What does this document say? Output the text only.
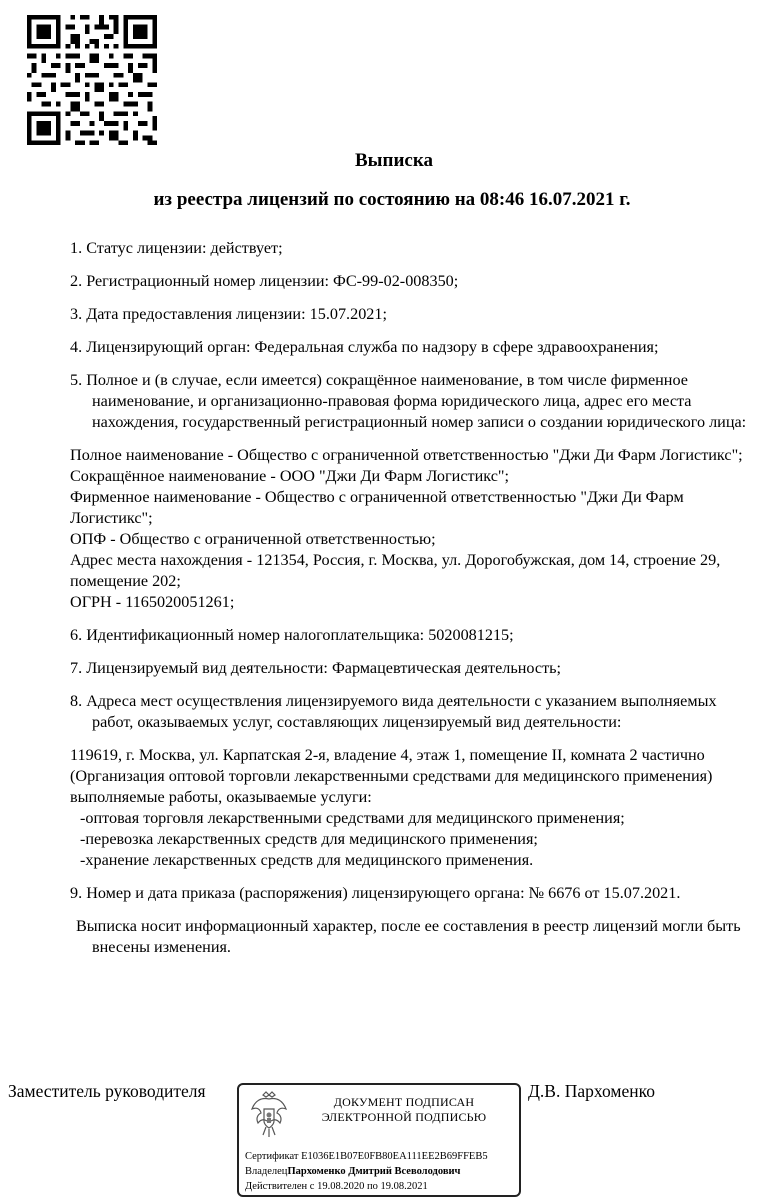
Выписка
из реестра лицензий по состоянию на 08:46 16.07.2021 г.
1. Статус лицензии: действует;
2. Регистрационный номер лицензии: ФС-99-02-008350;
3. Дата предоставления лицензии: 15.07.2021;
4. Лицензирующий орган: Федеральная служба по надзору в сфере здравоохранения;
5. Полное и (в случае, если имеется) сокращённое наименование, в том числе фирменное наименование, и организационно-правовая форма юридического лица, адрес его места нахождения, государственный регистрационный номер записи о создании юридического лица:
Полное наименование - Общество с ограниченной ответственностью "Джи Ди Фарм Логистикс";
Сокращённое наименование - ООО "Джи Ди Фарм Логистикс";
Фирменное наименование - Общество с ограниченной ответственностью "Джи Ди Фарм Логистикс";
ОПФ - Общество с ограниченной ответственностью;
Адрес места нахождения - 121354, Россия, г. Москва, ул. Дорогобужская, дом 14, строение 29, помещение 202;
ОГРН - 1165020051261;
6. Идентификационный номер налогоплательщика: 5020081215;
7. Лицензируемый вид деятельности: Фармацевтическая деятельность;
8. Адреса мест осуществления лицензируемого вида деятельности с указанием выполняемых работ, оказываемых услуг, составляющих лицензируемый вид деятельности:
119619, г. Москва, ул. Карпатская 2-я, владение 4, этаж 1, помещение II, комната 2 частично (Организация оптовой торговли лекарственными средствами для медицинского применения)
выполняемые работы, оказываемые услуги:
-оптовая торговля лекарственными средствами для медицинского применения;
-перевозка лекарственных средств для медицинского применения;
-хранение лекарственных средств для медицинского применения.
9. Номер и дата приказа (распоряжения) лицензирующего органа: № 6676 от 15.07.2021.
Выписка носит информационный характер, после ее составления в реестр лицензий могли быть внесены изменения.
Заместитель руководителя	Д.В. Пархоменко
ДОКУМЕНТ ПОДПИСАН
ЭЛЕКТРОННОЙ ПОДПИСЬЮ
Сертификат E1036E1B07E0FB80EA111EE2B69FFEB5
ВладелецПархоменко Дмитрий Всеволодович
Действителен с 19.08.2020 по 19.08.2021
